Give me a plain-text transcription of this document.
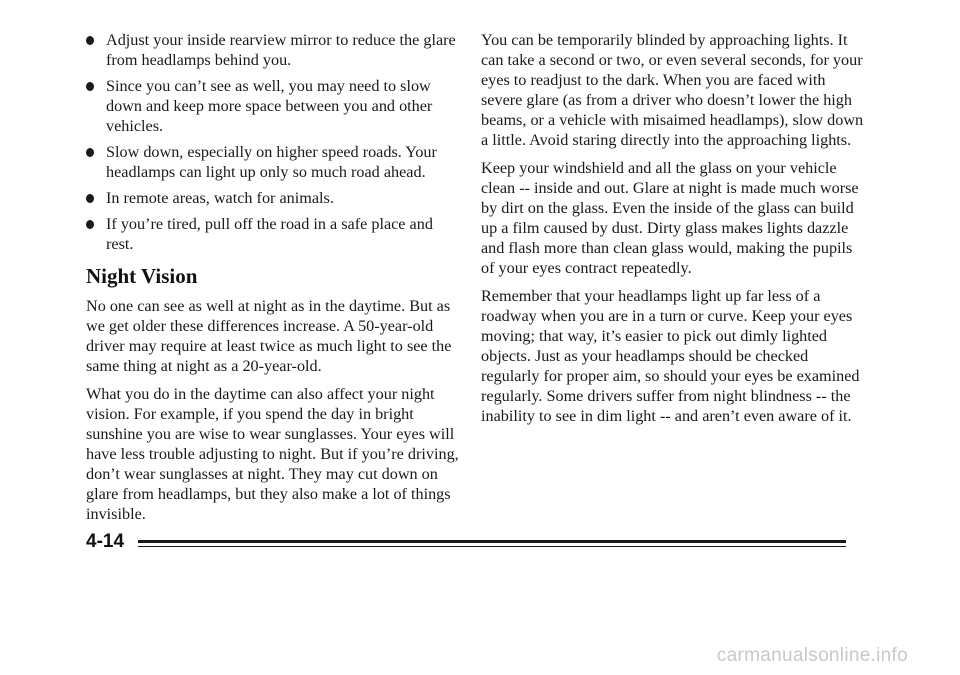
Adjust your inside rearview mirror to reduce the glare from headlamps behind you.
Since you can’t see as well, you may need to slow down and keep more space between you and other vehicles.
Slow down, especially on higher speed roads. Your headlamps can light up only so much road ahead.
In remote areas, watch for animals.
If you’re tired, pull off the road in a safe place and rest.
Night Vision

No one can see as well at night as in the daytime. But as we get older these differences increase. A 50-year-old driver may require at least twice as much light to see the same thing at night as a 20-year-old.

What you do in the daytime can also affect your night vision. For example, if you spend the day in bright sunshine you are wise to wear sunglasses. Your eyes will have less trouble adjusting to night. But if you’re driving, don’t wear sunglasses at night. They may cut down on glare from headlamps, but they also make a lot of things invisible.

You can be temporarily blinded by approaching lights. It can take a second or two, or even several seconds, for your eyes to readjust to the dark. When you are faced with severe glare (as from a driver who doesn’t lower the high beams, or a vehicle with misaimed headlamps), slow down a little. Avoid staring directly into the approaching lights.

Keep your windshield and all the glass on your vehicle clean -- inside and out. Glare at night is made much worse by dirt on the glass. Even the inside of the glass can build up a film caused by dust. Dirty glass makes lights dazzle and flash more than clean glass would, making the pupils of your eyes contract repeatedly.

Remember that your headlamps light up far less of a roadway when you are in a turn or curve. Keep your eyes moving; that way, it’s easier to pick out dimly lighted objects. Just as your headlamps should be checked regularly for proper aim, so should your eyes be examined regularly. Some drivers suffer from night blindness -- the inability to see in dim light -- and aren’t even aware of it.

4-14
carmanualsonline.info
